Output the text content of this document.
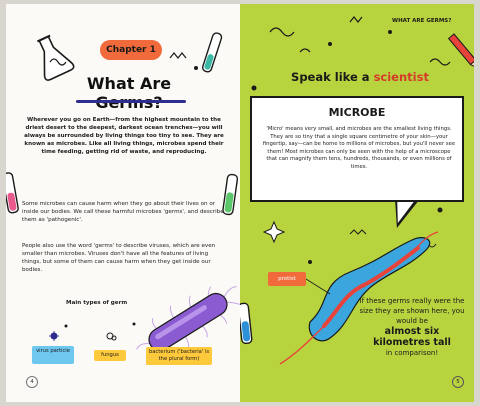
Chapter 1
What Are

Wherever you go on Earth—from the highest mountain to the driest desert to the deepest, darkest ocean trenches—you will always be surrounded by living things too tiny to see. They are known as microbes. Like all living things, microbes spend their time feeding, getting rid of waste, and reproducing.

Some microbes can cause harm when they go about their lives on or inside our bodies. We call these harmful microbes 'germs', and describe them as 'pathogenic'.

People also use the word 'germs' to describe viruses, which are even smaller than microbes. Viruses don't have all the features of living things, but some of them can cause harm when they get inside our bodies.

Main types of germ
virus particle
fungus	bacterium ('bacteria' is the plural form)
4
WHAT ARE GERMS?
Speak like a scientist
MICROBE

'Micro' means very small, and microbes are the smallest living things. They are so tiny that a single square centimetre of your skin—your fingertip, say—can be home to millions of microbes, but you'll never see them! Most microbes can only be seen with the help of a microscope that can magnify them tens, hundreds, thousands, or even millions of times.

protist
If these germs really were the size they are shown here, you would be
almost six kilometres tall
in comparison!
5
